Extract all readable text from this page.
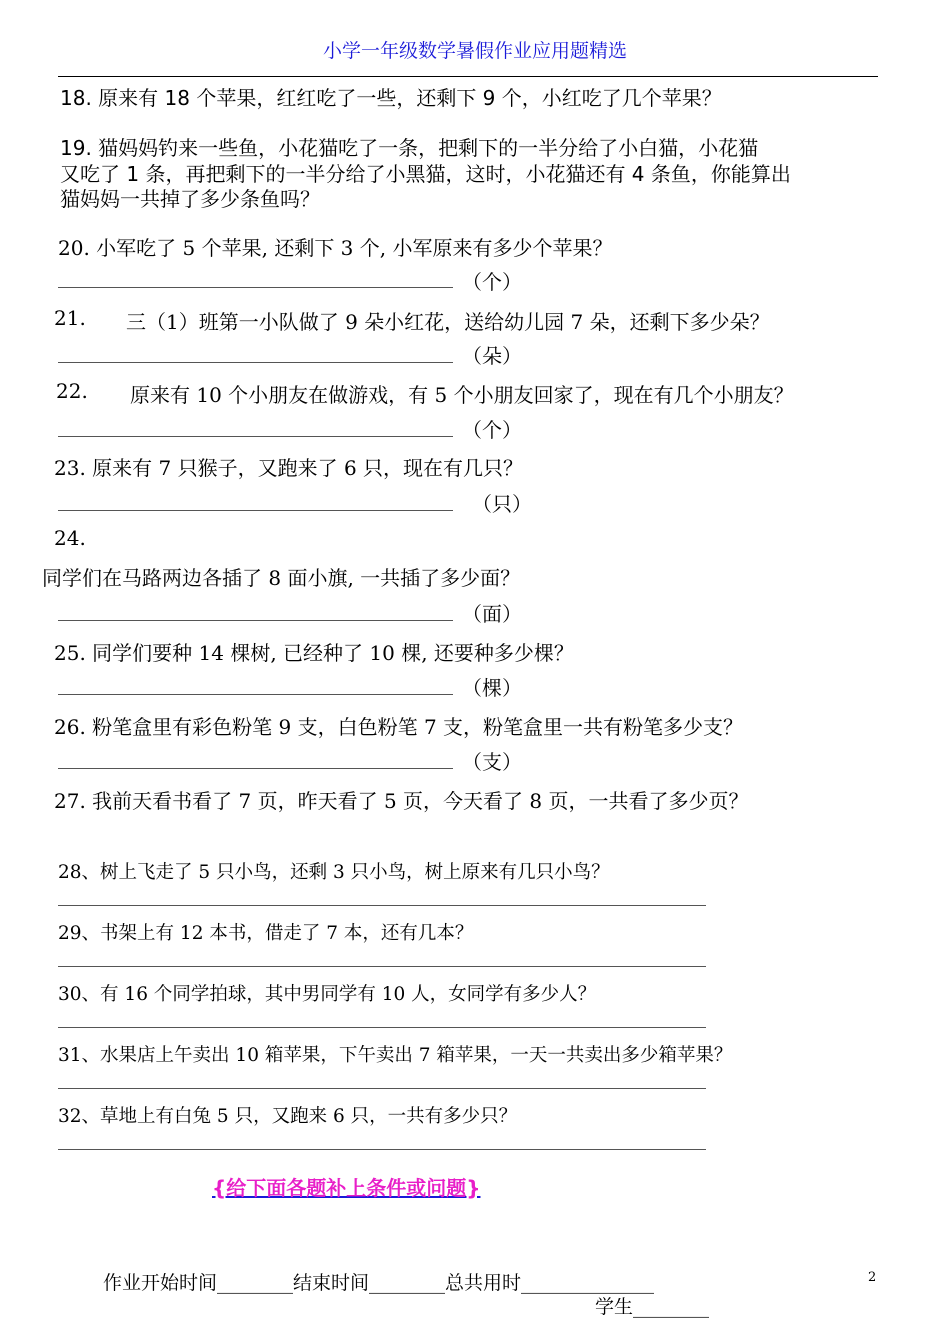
小学一年级数学暑假作业应用题精选
18. 原来有 18 个苹果，红红吃了一些，还剩下 9 个，小红吃了几个苹果？
19. 猫妈妈钓来一些鱼，小花猫吃了一条，把剩下的一半分给了小白猫，小花猫
又吃了 1 条，再把剩下的一半分给了小黑猫，这时，小花猫还有 4 条鱼，你能算出
猫妈妈一共掉了多少条鱼吗？
20. 小军吃了 5 个苹果, 还剩下 3 个, 小军原来有多少个苹果？
（个）
21. 三（1）班第一小队做了 9 朵小红花，送给幼儿园 7 朵，还剩下多少朵？
（朵）
22. 原来有 10 个小朋友在做游戏，有 5 个小朋友回家了，现在有几个小朋友？
（个）
23. 原来有 7 只猴子，又跑来了 6 只，现在有几只？
（只）
24.
同学们在马路两边各插了 8 面小旗, 一共插了多少面？
（面）
25. 同学们要种 14 棵树, 已经种了 10 棵, 还要种多少棵？
（棵）
26. 粉笔盒里有彩色粉笔 9 支，白色粉笔 7 支，粉笔盒里一共有粉笔多少支？
（支）
27. 我前天看书看了 7 页，昨天看了 5 页，今天看了 8 页，一共看了多少页？
28、树上飞走了 5 只小鸟，还剩 3 只小鸟，树上原来有几只小鸟？
29、书架上有 12 本书，借走了 7 本，还有几本？
30、有 16 个同学拍球，其中男同学有 10 人，女同学有多少人？
31、水果店上午卖出 10 箱苹果，下午卖出 7 箱苹果，一天一共卖出多少箱苹果？
32、草地上有白兔 5 只，又跑来 6 只，一共有多少只？
{给下面各题补上条件或问题}
作业开始时间________结束时间________总共用时______________
学生________
2
